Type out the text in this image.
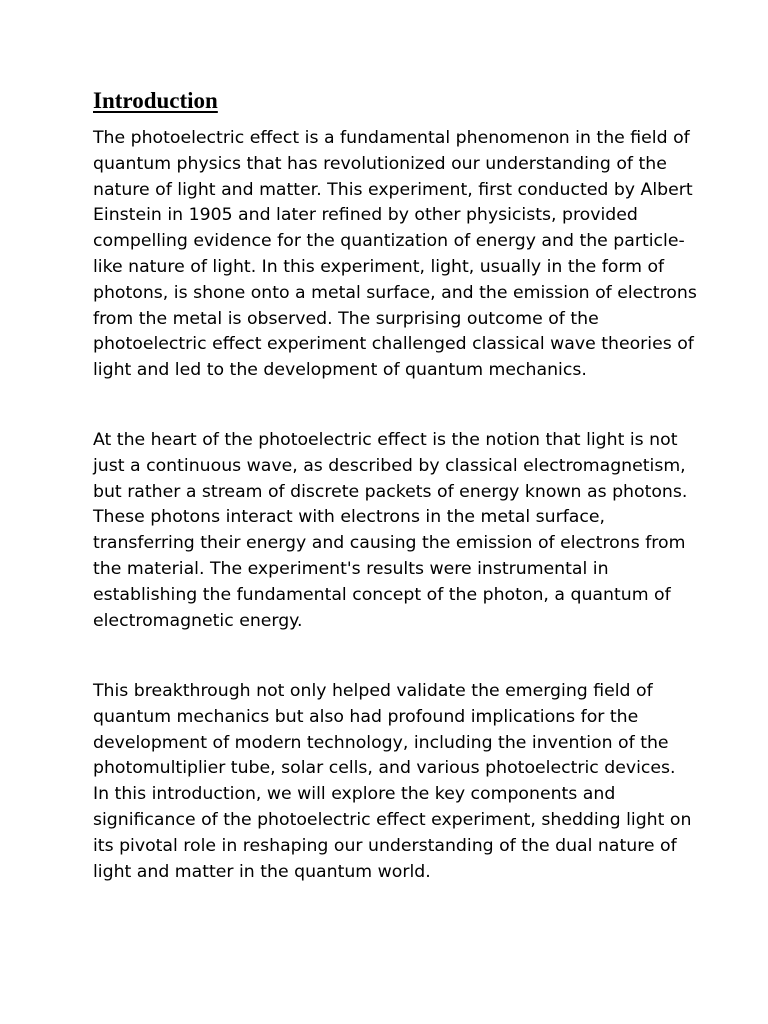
Introduction

The photoelectric effect is a fundamental phenomenon in the field of
quantum physics that has revolutionized our understanding of the
nature of light and matter. This experiment, first conducted by Albert
Einstein in 1905 and later refined by other physicists, provided
compelling evidence for the quantization of energy and the particle-
like nature of light. In this experiment, light, usually in the form of
photons, is shone onto a metal surface, and the emission of electrons
from the metal is observed. The surprising outcome of the
photoelectric effect experiment challenged classical wave theories of
light and led to the development of quantum mechanics.

At the heart of the photoelectric effect is the notion that light is not
just a continuous wave, as described by classical electromagnetism,
but rather a stream of discrete packets of energy known as photons.
These photons interact with electrons in the metal surface,
transferring their energy and causing the emission of electrons from
the material. The experiment's results were instrumental in
establishing the fundamental concept of the photon, a quantum of
electromagnetic energy.

This breakthrough not only helped validate the emerging field of
quantum mechanics but also had profound implications for the
development of modern technology, including the invention of the
photomultiplier tube, solar cells, and various photoelectric devices.
In this introduction, we will explore the key components and
significance of the photoelectric effect experiment, shedding light on
its pivotal role in reshaping our understanding of the dual nature of
light and matter in the quantum world.
